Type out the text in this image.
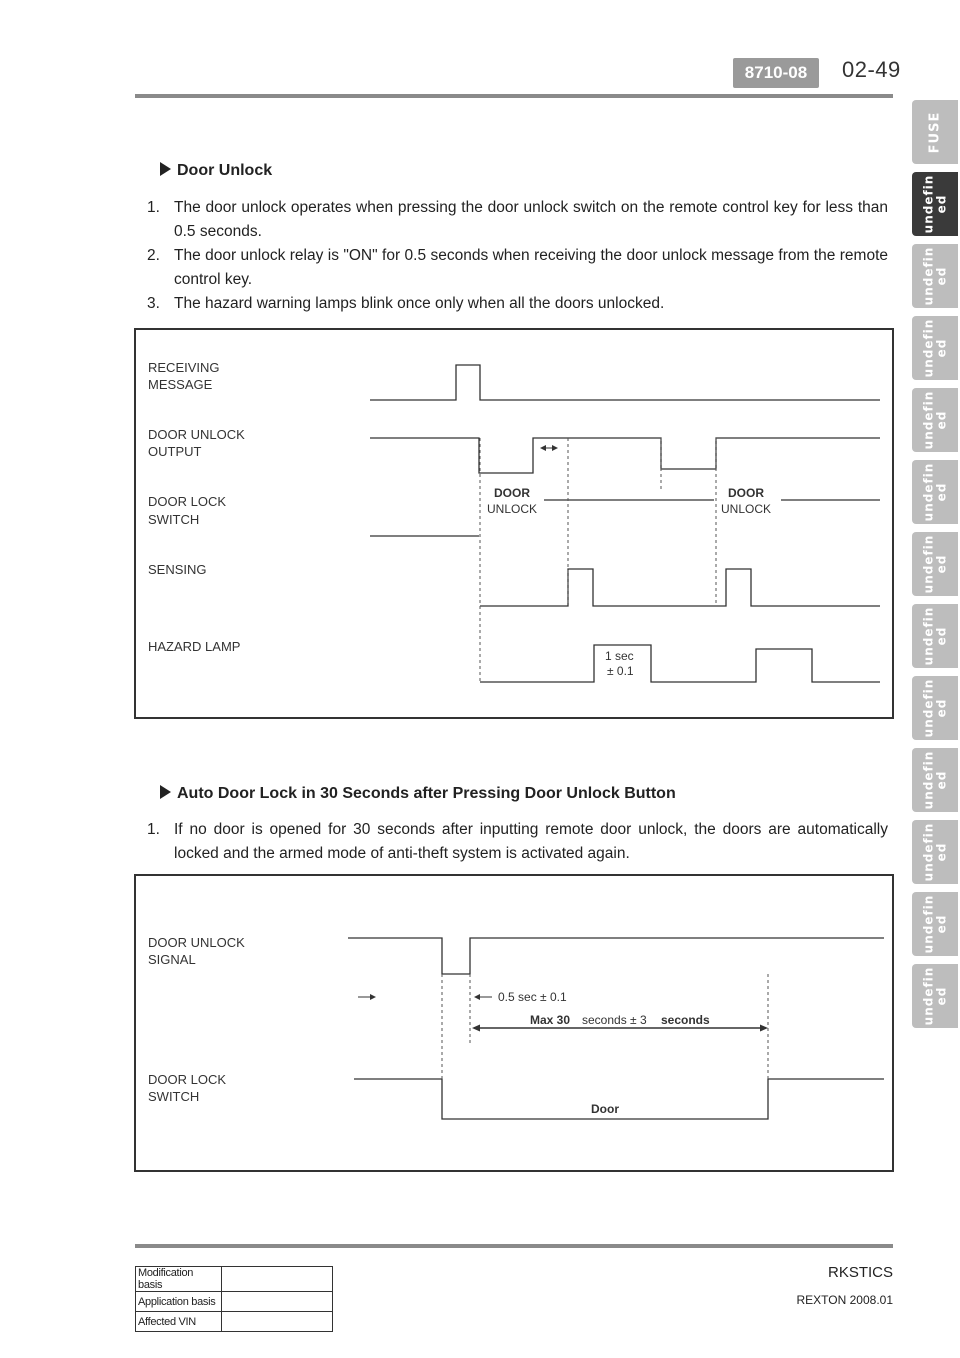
8710-08	02-49
FUSE
undefin
ed
undefin
ed
undefin
ed
undefin
ed
undefin
ed
undefin
ed
undefin
ed
undefin
ed
undefin
ed
undefin
ed
undefin
ed
undefin
ed
Door Unlock
1. The door unlock operates when pressing the door unlock switch on the remote control key for less than 0.5 seconds.
2. The door unlock relay is "ON" for 0.5 seconds when receiving the door unlock message from the remote control key.
3. The hazard warning lamps blink once only when all the doors unlocked.
RECEIVING
MESSAGE
DOOR UNLOCK
OUTPUT
DOOR LOCK
SWITCH
SENSING
HAZARD LAMP
DOOR
UNLOCK
DOOR
UNLOCK
1 sec
± 0.1
Auto Door Lock in 30 Seconds after Pressing Door Unlock Button
1. If no door is opened for 30 seconds after inputting remote door unlock, the doors are automatically locked and the armed mode of anti-theft system is activated again.
DOOR UNLOCK
SIGNAL
DOOR LOCK
SWITCH
0.5 sec ± 0.1
Max 30 seconds ± 3 seconds
Door
RKSTICS
REXTON 2008.01
Modification basis	
Application basis	
Affected VIN	
